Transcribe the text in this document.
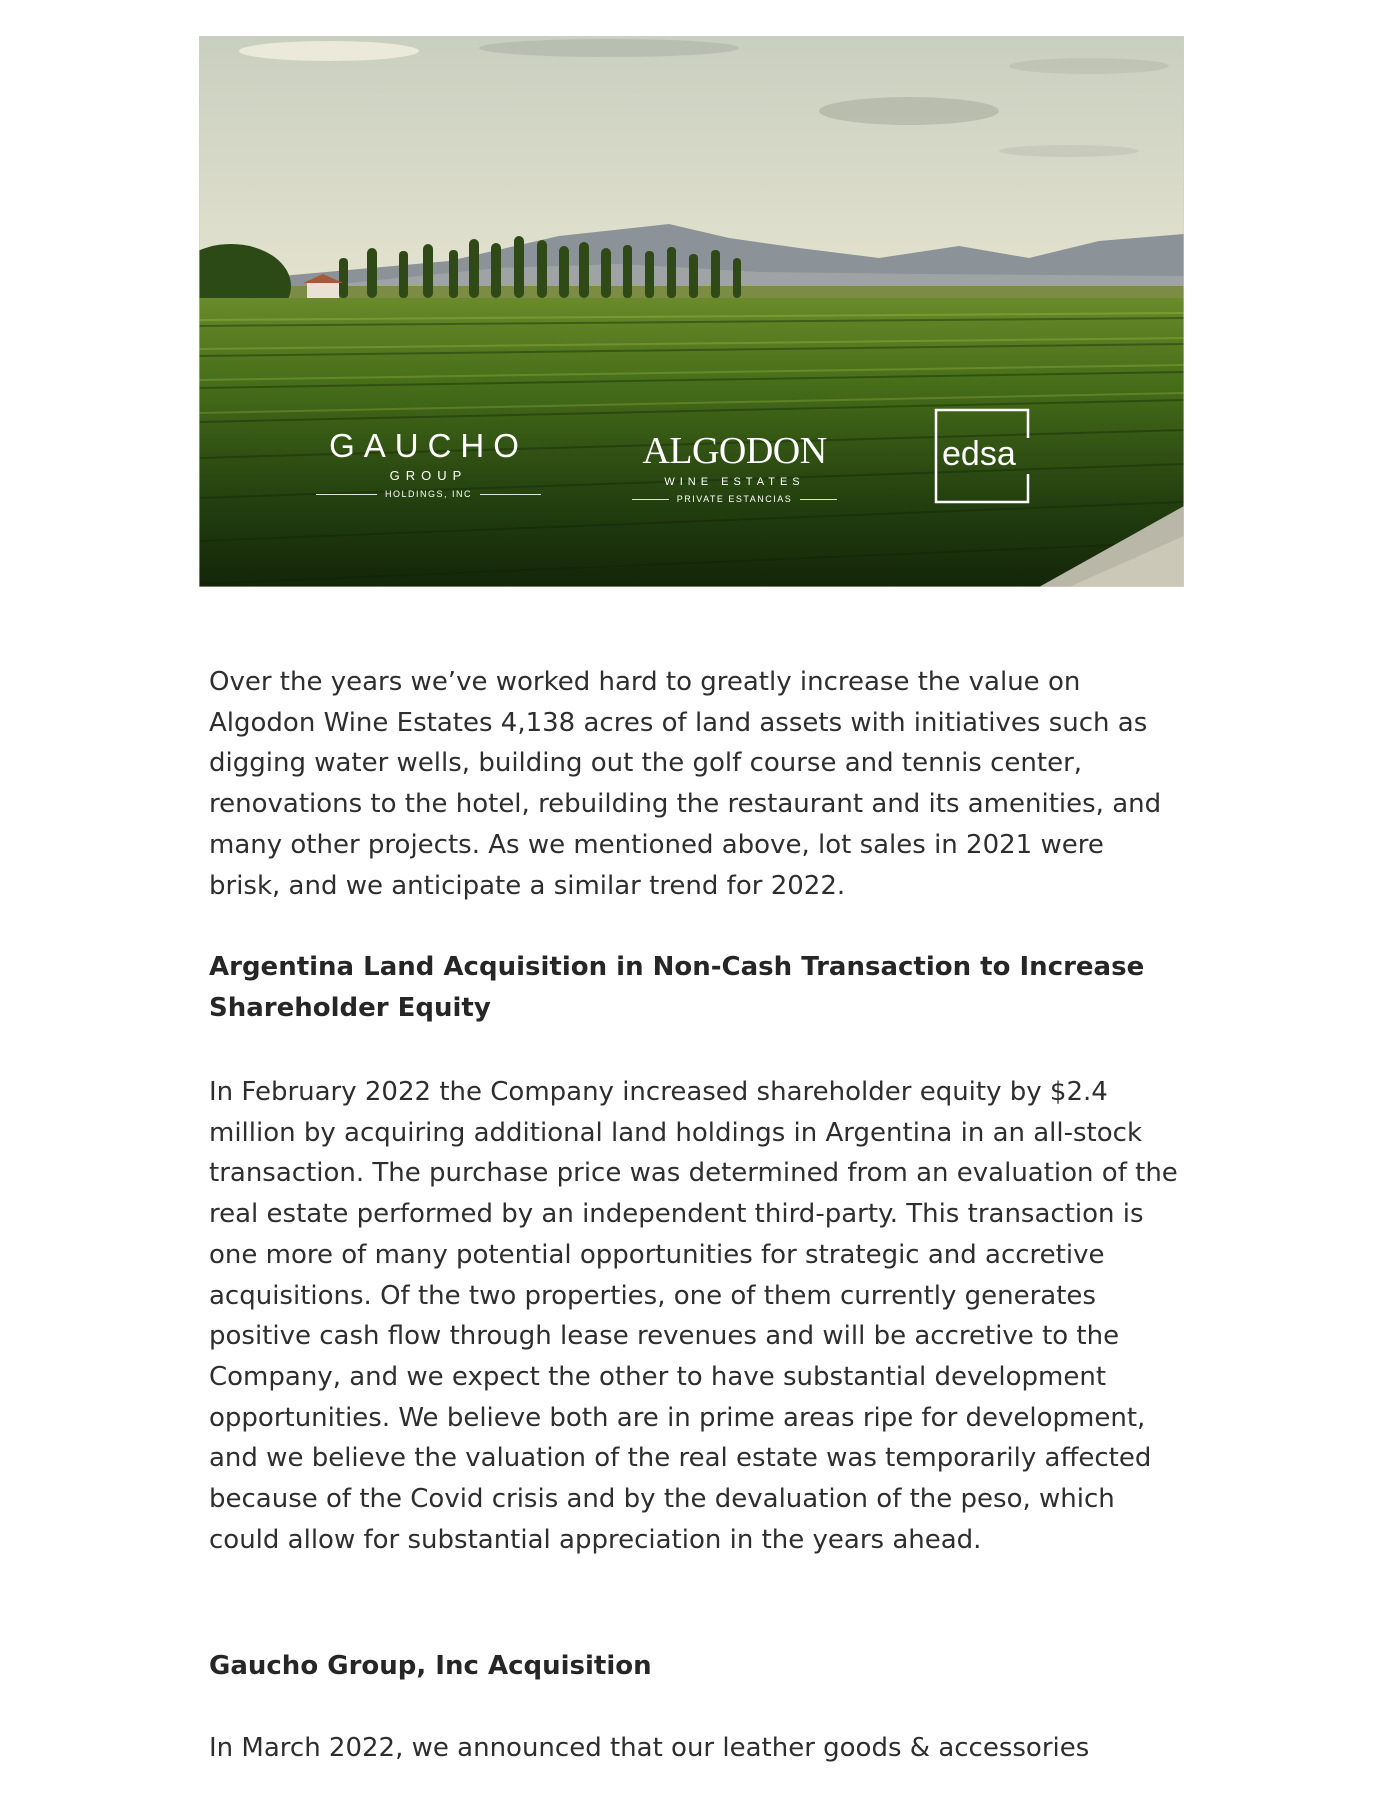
GAUCHO
GROUP
HOLDINGS, INC
ALGODON
WINE ESTATES
PRIVATE ESTANCIAS
edsa

Over the years we’ve worked hard to greatly increase the value on Algodon Wine Estates 4,138 acres of land assets with initiatives such as digging water wells, building out the golf course and tennis center, renovations to the hotel, rebuilding the restaurant and its amenities, and many other projects. As we mentioned above, lot sales in 2021 were brisk, and we anticipate a similar trend for 2022.

Argentina Land Acquisition in Non-Cash Transaction to Increase Shareholder Equity

In February 2022 the Company increased shareholder equity by $2.4 million by acquiring additional land holdings in Argentina in an all-stock transaction. The purchase price was determined from an evaluation of the real estate performed by an independent third-party. This transaction is one more of many potential opportunities for strategic and accretive acquisitions. Of the two properties, one of them currently generates positive cash flow through lease revenues and will be accretive to the Company, and we expect the other to have substantial development opportunities. We believe both are in prime areas ripe for development, and we believe the valuation of the real estate was temporarily affected because of the Covid crisis and by the devaluation of the peso, which could allow for substantial appreciation in the years ahead.

Gaucho Group, Inc Acquisition

In March 2022, we announced that our leather goods & accessories
